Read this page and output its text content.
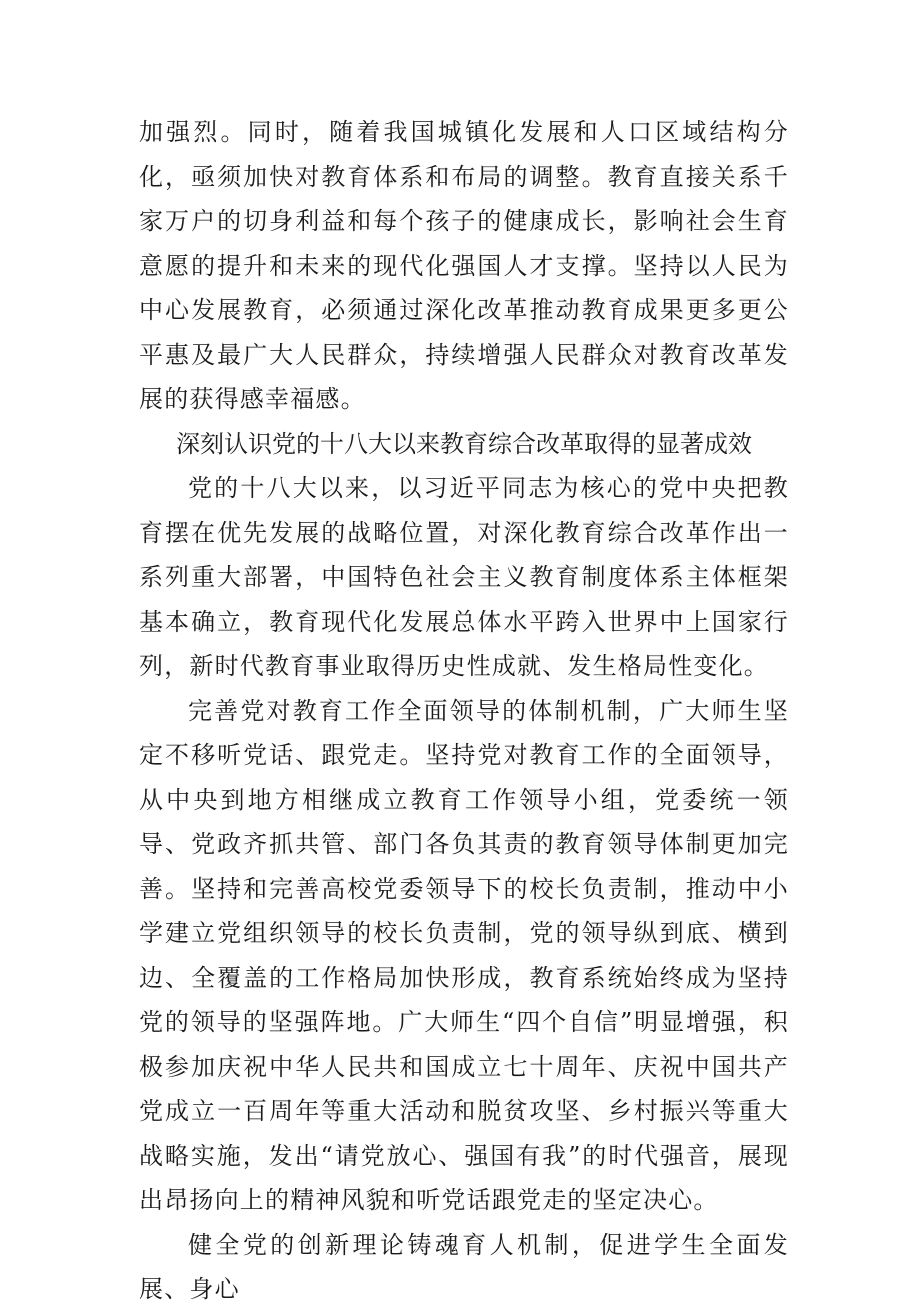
加强烈。同时，随着我国城镇化发展和人口区域结构分化，亟须加快对教育体系和布局的调整。教育直接关系千家万户的切身利益和每个孩子的健康成长，影响社会生育意愿的提升和未来的现代化强国人才支撑。坚持以人民为中心发展教育，必须通过深化改革推动教育成果更多更公平惠及最广大人民群众，持续增强人民群众对教育改革发展的获得感幸福感。

深刻认识党的十八大以来教育综合改革取得的显著成效

党的十八大以来，以习近平同志为核心的党中央把教育摆在优先发展的战略位置，对深化教育综合改革作出一系列重大部署，中国特色社会主义教育制度体系主体框架基本确立，教育现代化发展总体水平跨入世界中上国家行列，新时代教育事业取得历史性成就、发生格局性变化。

完善党对教育工作全面领导的体制机制，广大师生坚定不移听党话、跟党走。坚持党对教育工作的全面领导，从中央到地方相继成立教育工作领导小组，党委统一领导、党政齐抓共管、部门各负其责的教育领导体制更加完善。坚持和完善高校党委领导下的校长负责制，推动中小学建立党组织领导的校长负责制，党的领导纵到底、横到边、全覆盖的工作格局加快形成，教育系统始终成为坚持党的领导的坚强阵地。广大师生“四个自信”明显增强，积极参加庆祝中华人民共和国成立七十周年、庆祝中国共产党成立一百周年等重大活动和脱贫攻坚、乡村振兴等重大战略实施，发出“请党放心、强国有我”的时代强音，展现出昂扬向上的精神风貌和听党话跟党走的坚定决心。

健全党的创新理论铸魂育人机制，促进学生全面发展、身心
